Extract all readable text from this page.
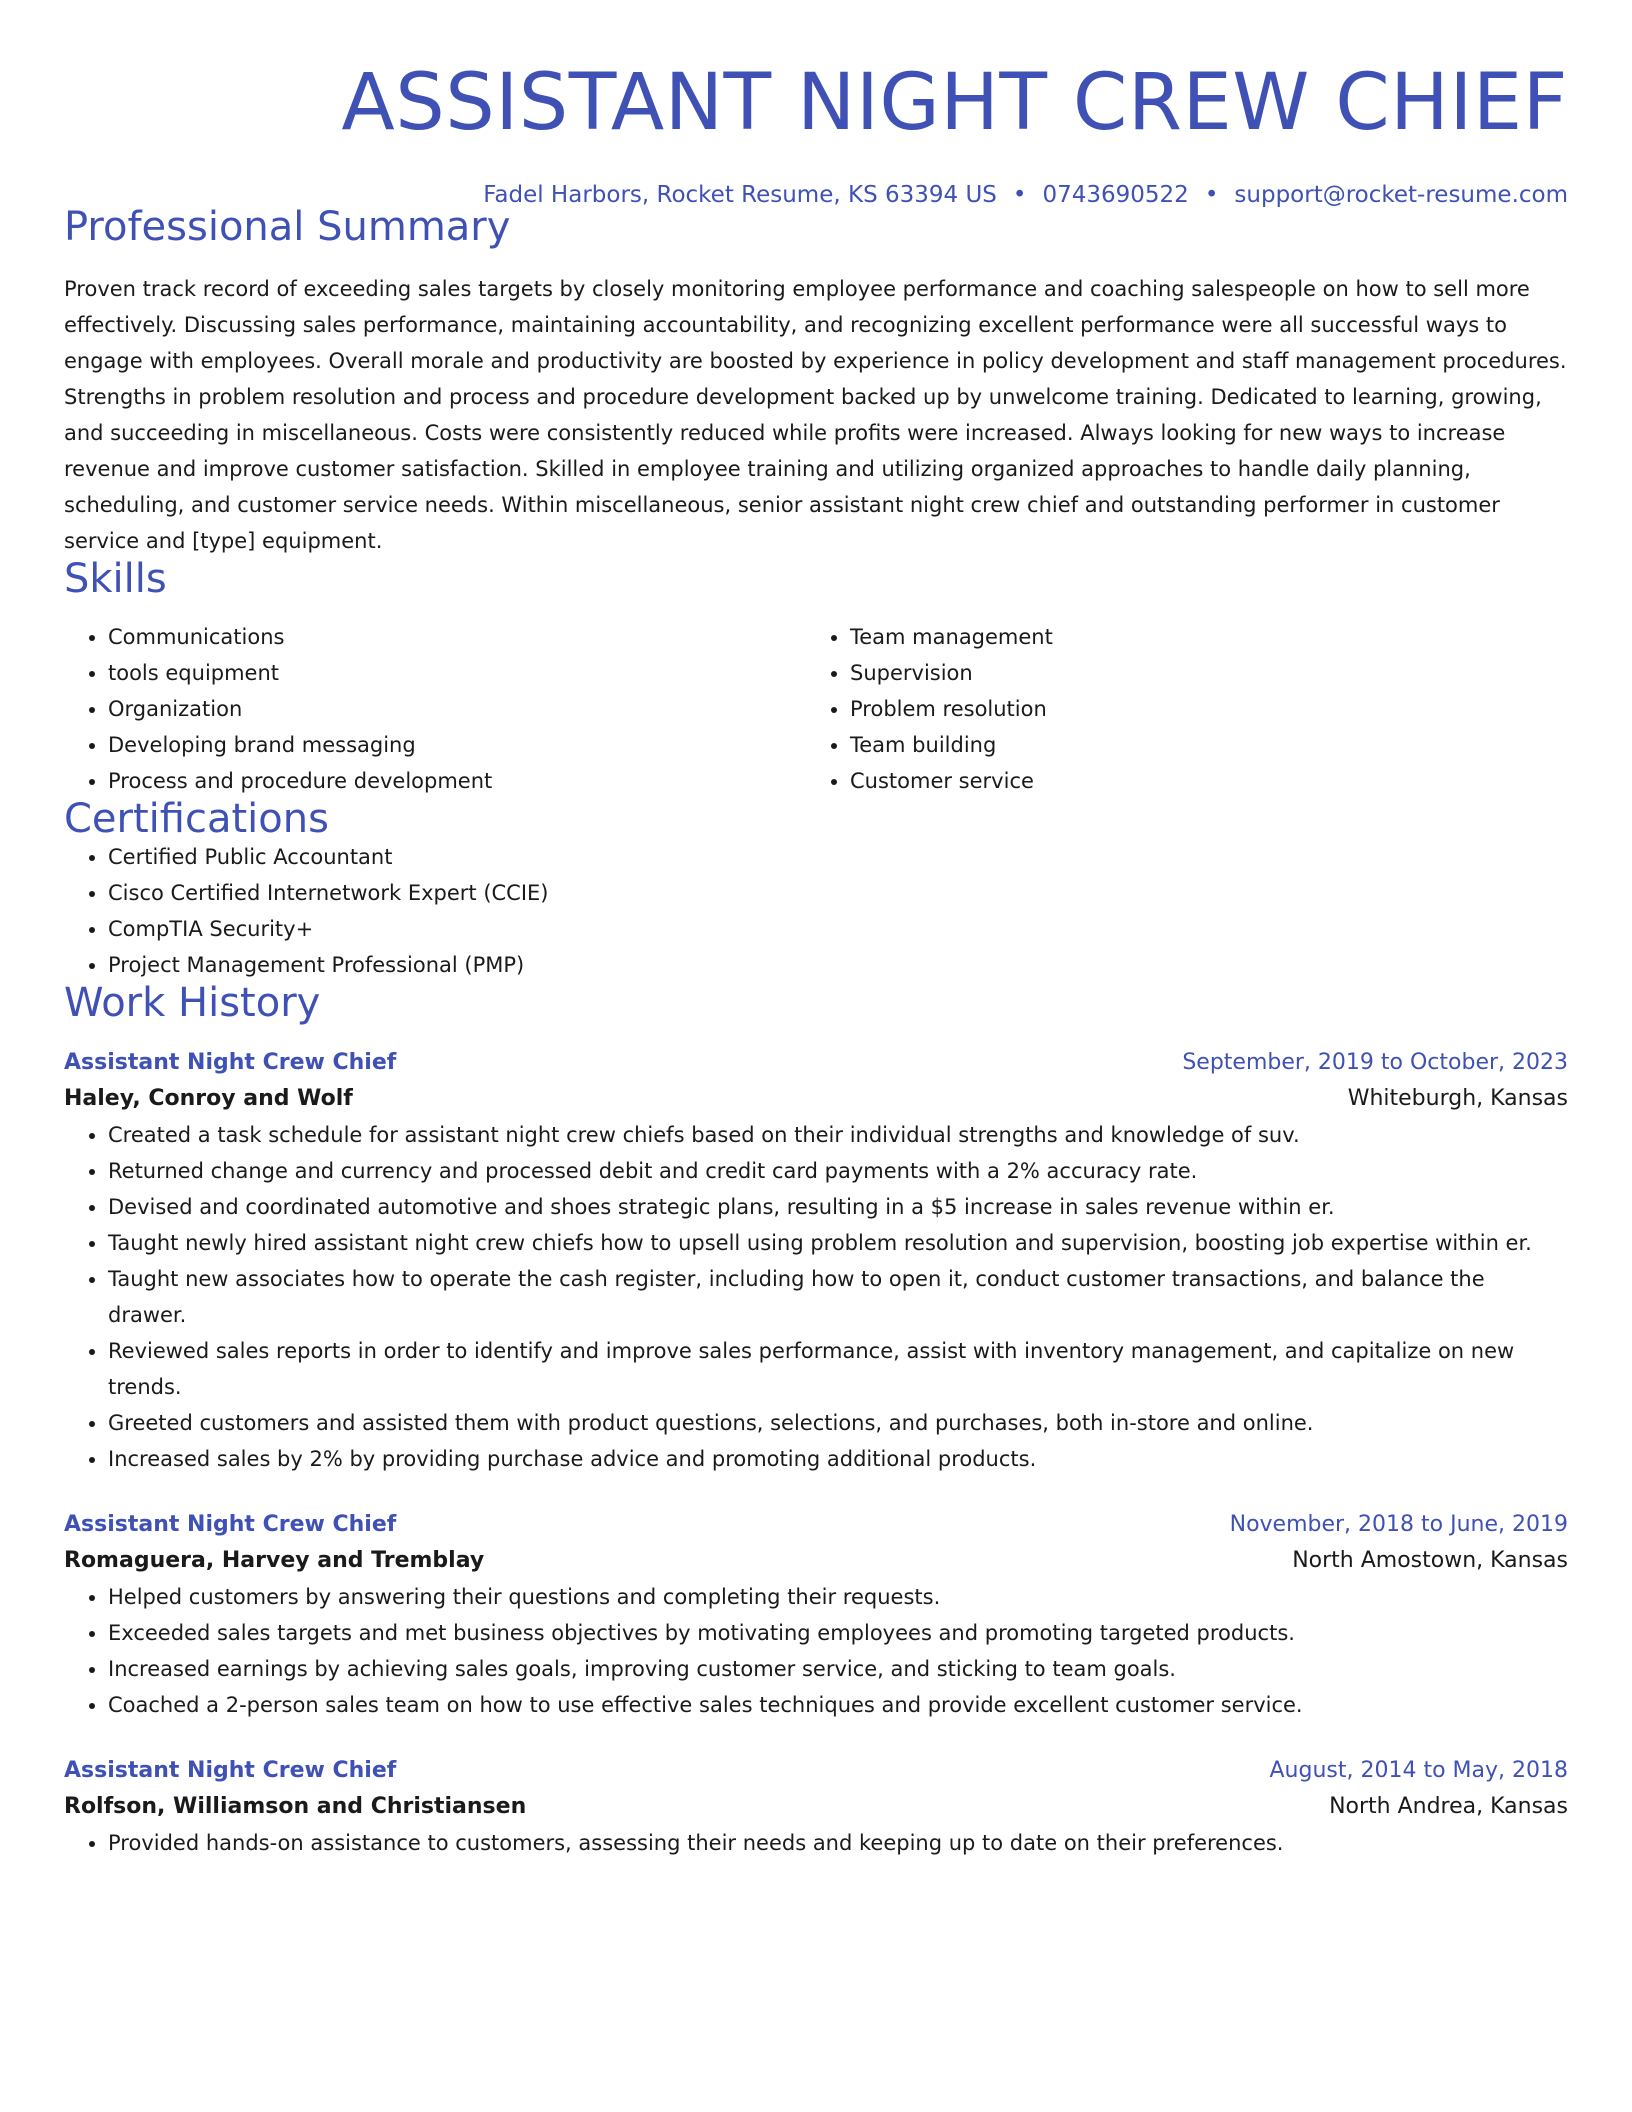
ASSISTANT NIGHT CREW CHIEF
Fadel Harbors, Rocket Resume, KS 63394 US • 0743690522 • support@rocket-resume.com
Professional Summary
Proven track record of exceeding sales targets by closely monitoring employee performance and coaching salespeople on how to sell more effectively. Discussing sales performance, maintaining accountability, and recognizing excellent performance were all successful ways to engage with employees. Overall morale and productivity are boosted by experience in policy development and staff management procedures. Strengths in problem resolution and process and procedure development backed up by unwelcome training. Dedicated to learning, growing, and succeeding in miscellaneous. Costs were consistently reduced while profits were increased. Always looking for new ways to increase revenue and improve customer satisfaction. Skilled in employee training and utilizing organized approaches to handle daily planning, scheduling, and customer service needs. Within miscellaneous, senior assistant night crew chief and outstanding performer in customer service and [type] equipment.
Skills
• Communications
• tools equipment
• Organization
• Developing brand messaging
• Process and procedure development
• Team management
• Supervision
• Problem resolution
• Team building
• Customer service
Certifications
• Certified Public Accountant
• Cisco Certified Internetwork Expert (CCIE)
• CompTIA Security+
• Project Management Professional (PMP)
Work History
Assistant Night Crew Chief	September, 2019 to October, 2023
Haley, Conroy and Wolf	Whiteburgh, Kansas
• Created a task schedule for assistant night crew chiefs based on their individual strengths and knowledge of suv.
• Returned change and currency and processed debit and credit card payments with a 2% accuracy rate.
• Devised and coordinated automotive and shoes strategic plans, resulting in a $5 increase in sales revenue within er.
• Taught newly hired assistant night crew chiefs how to upsell using problem resolution and supervision, boosting job expertise within er.
• Taught new associates how to operate the cash register, including how to open it, conduct customer transactions, and balance the drawer.
• Reviewed sales reports in order to identify and improve sales performance, assist with inventory management, and capitalize on new trends.
• Greeted customers and assisted them with product questions, selections, and purchases, both in-store and online.
• Increased sales by 2% by providing purchase advice and promoting additional products.
Assistant Night Crew Chief	November, 2018 to June, 2019
Romaguera, Harvey and Tremblay	North Amostown, Kansas
• Helped customers by answering their questions and completing their requests.
• Exceeded sales targets and met business objectives by motivating employees and promoting targeted products.
• Increased earnings by achieving sales goals, improving customer service, and sticking to team goals.
• Coached a 2-person sales team on how to use effective sales techniques and provide excellent customer service.
Assistant Night Crew Chief	August, 2014 to May, 2018
Rolfson, Williamson and Christiansen	North Andrea, Kansas
• Provided hands-on assistance to customers, assessing their needs and keeping up to date on their preferences.
